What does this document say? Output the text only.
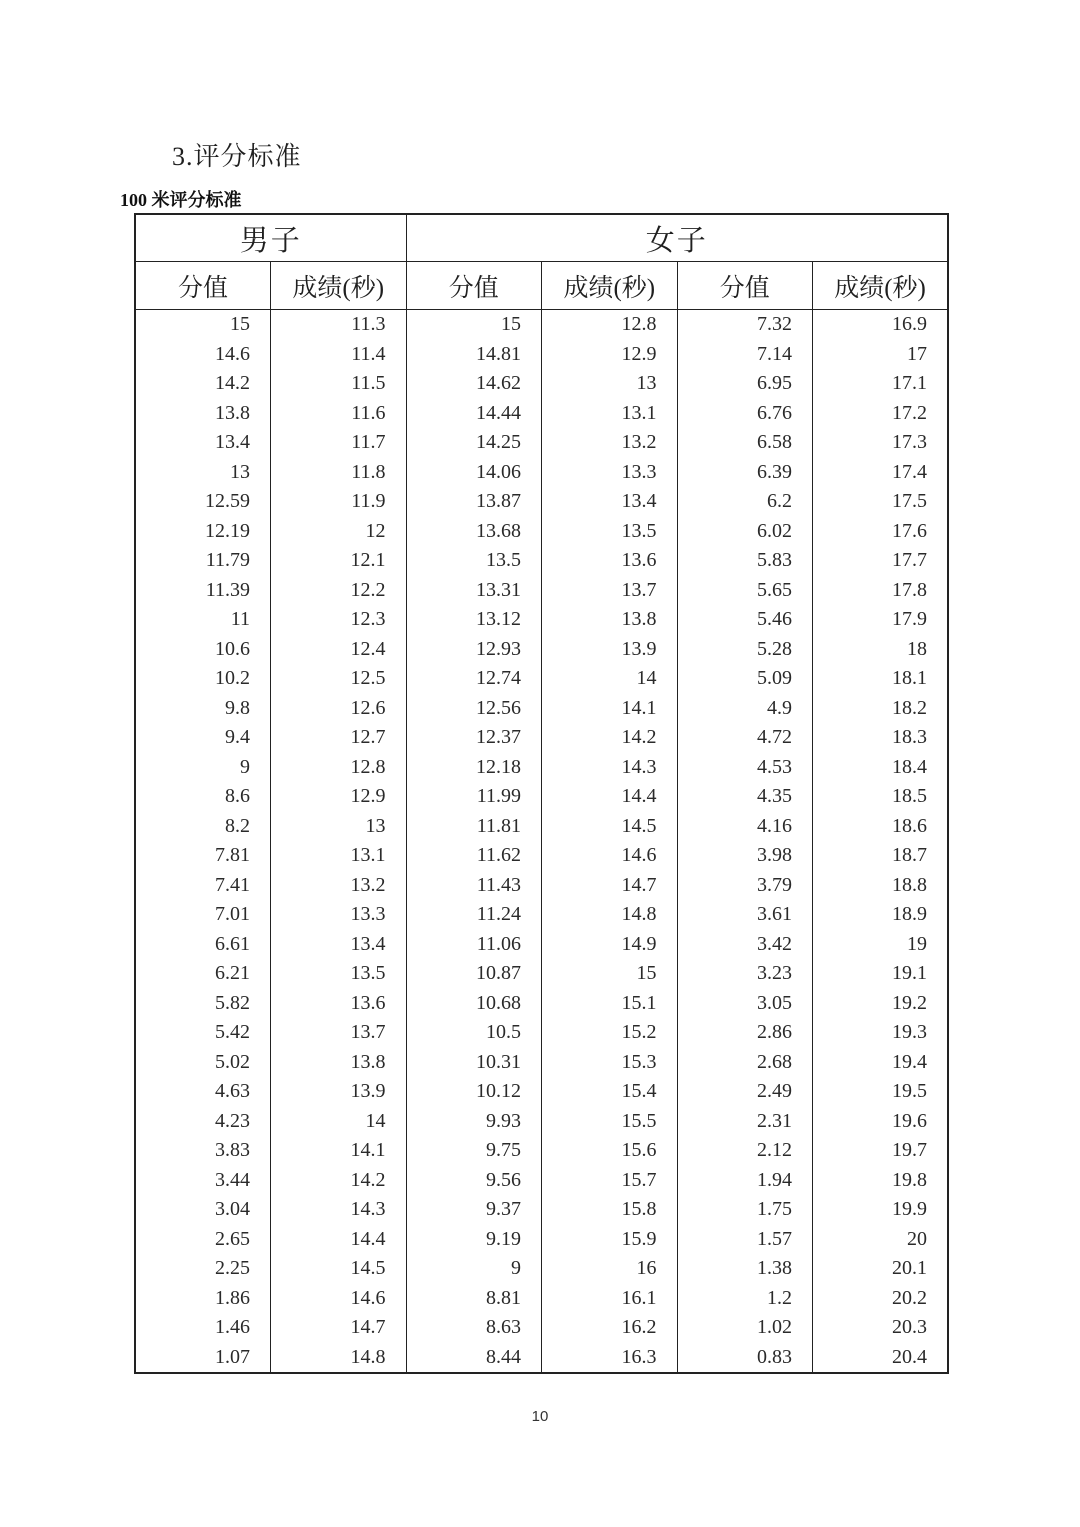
3.评分标准
100 米评分标准
男子		女子			
分值	成绩(秒)	分值	成绩(秒)	分值	成绩(秒)
15	11.3	15	12.8	7.32	16.9
14.6	11.4	14.81	12.9	7.14	17
14.2	11.5	14.62	13	6.95	17.1
13.8	11.6	14.44	13.1	6.76	17.2
13.4	11.7	14.25	13.2	6.58	17.3
13	11.8	14.06	13.3	6.39	17.4
12.59	11.9	13.87	13.4	6.2	17.5
12.19	12	13.68	13.5	6.02	17.6
11.79	12.1	13.5	13.6	5.83	17.7
11.39	12.2	13.31	13.7	5.65	17.8
11	12.3	13.12	13.8	5.46	17.9
10.6	12.4	12.93	13.9	5.28	18
10.2	12.5	12.74	14	5.09	18.1
9.8	12.6	12.56	14.1	4.9	18.2
9.4	12.7	12.37	14.2	4.72	18.3
9	12.8	12.18	14.3	4.53	18.4
8.6	12.9	11.99	14.4	4.35	18.5
8.2	13	11.81	14.5	4.16	18.6
7.81	13.1	11.62	14.6	3.98	18.7
7.41	13.2	11.43	14.7	3.79	18.8
7.01	13.3	11.24	14.8	3.61	18.9
6.61	13.4	11.06	14.9	3.42	19
6.21	13.5	10.87	15	3.23	19.1
5.82	13.6	10.68	15.1	3.05	19.2
5.42	13.7	10.5	15.2	2.86	19.3
5.02	13.8	10.31	15.3	2.68	19.4
4.63	13.9	10.12	15.4	2.49	19.5
4.23	14	9.93	15.5	2.31	19.6
3.83	14.1	9.75	15.6	2.12	19.7
3.44	14.2	9.56	15.7	1.94	19.8
3.04	14.3	9.37	15.8	1.75	19.9
2.65	14.4	9.19	15.9	1.57	20
2.25	14.5	9	16	1.38	20.1
1.86	14.6	8.81	16.1	1.2	20.2
1.46	14.7	8.63	16.2	1.02	20.3
1.07	14.8	8.44	16.3	0.83	20.4
10
